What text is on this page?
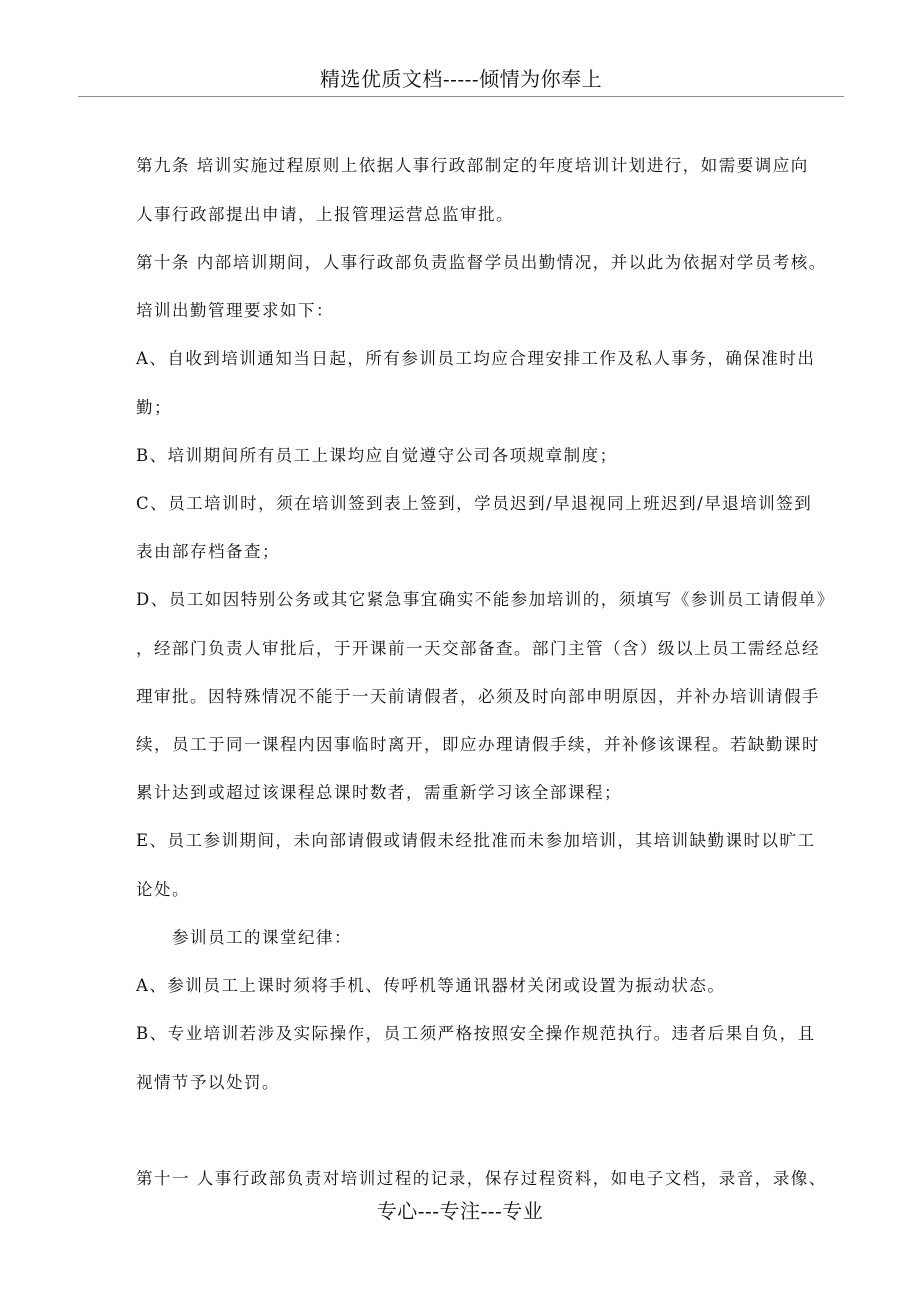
精选优质文档-----倾情为你奉上
第九条 培训实施过程原则上依据人事行政部制定的年度培训计划进行，如需要调应向
人事行政部提出申请，上报管理运营总监审批。
第十条 内部培训期间，人事行政部负责监督学员出勤情况，并以此为依据对学员考核。
培训出勤管理要求如下：
A、自收到培训通知当日起，所有参训员工均应合理安排工作及私人事务，确保准时出
勤；
B、培训期间所有员工上课均应自觉遵守公司各项规章制度；
C、员工培训时，须在培训签到表上签到，学员迟到/早退视同上班迟到/早退培训签到
表由部存档备查；
D、员工如因特别公务或其它紧急事宜确实不能参加培训的，须填写《参训员工请假单》
，经部门负责人审批后，于开课前一天交部备查。部门主管（含）级以上员工需经总经
理审批。因特殊情况不能于一天前请假者，必须及时向部申明原因，并补办培训请假手
续，员工于同一课程内因事临时离开，即应办理请假手续，并补修该课程。若缺勤课时
累计达到或超过该课程总课时数者，需重新学习该全部课程；
E、员工参训期间，未向部请假或请假未经批准而未参加培训，其培训缺勤课时以旷工
论处。
参训员工的课堂纪律：
A、参训员工上课时须将手机、传呼机等通讯器材关闭或设置为振动状态。
B、专业培训若涉及实际操作，员工须严格按照安全操作规范执行。违者后果自负，且
视情节予以处罚。
第十一 人事行政部负责对培训过程的记录，保存过程资料，如电子文档，录音，录像、
专心---专注---专业
